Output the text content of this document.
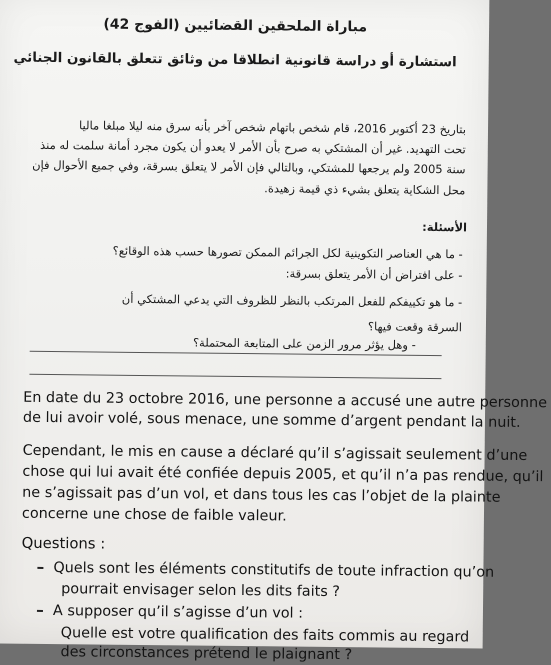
مباراة الملحقين القضائيين (الفوج 42)
استشارة أو دراسة قانونية انطلاقا من وثائق تتعلق بالقانون الجنائي
بتاريخ 23 أكتوبر 2016، قام شخص باتهام شخص آخر بأنه سرق منه ليلا مبلغا ماليا
تحت التهديد. غير أن المشتكي به صرح بأن الأمر لا يعدو أن يكون مجرد أمانة سلمت له منذ
سنة 2005 ولم يرجعها للمشتكي، وبالتالي فإن الأمر لا يتعلق بسرقة، وفي جميع الأحوال فإن
محل الشكاية يتعلق بشيء ذي قيمة زهيدة.
الأسئلة:
- ما هي العناصر التكوينية لكل الجرائم الممكن تصورها حسب هذه الوقائع؟
- على افتراض أن الأمر يتعلق بسرقة:
- ما هو تكييفكم للفعل المرتكب بالنظر للظروف التي يدعي المشتكي أن
السرقة وقعت فيها؟
- وهل يؤثر مرور الزمن على المتابعة المحتملة؟
En date du 23 octobre 2016, une personne a accusé une autre personne
de lui avoir volé, sous menace, une somme d’argent pendant la nuit.
Cependant, le mis en cause a déclaré qu’il s’agissait seulement d’une
chose qui lui avait été confiée depuis 2005, et qu’il n’a pas rendue, qu’il
ne s’agissait pas d’un vol, et dans tous les cas l’objet de la plainte
concerne une chose de faible valeur.
Questions :
Quels sont les éléments constitutifs de toute infraction qu’on
pourrait envisager selon les dits faits ?
A supposer qu’il s’agisse d’un vol :
Quelle est votre qualification des faits commis au regard
des circonstances prétend le plaignant ?
